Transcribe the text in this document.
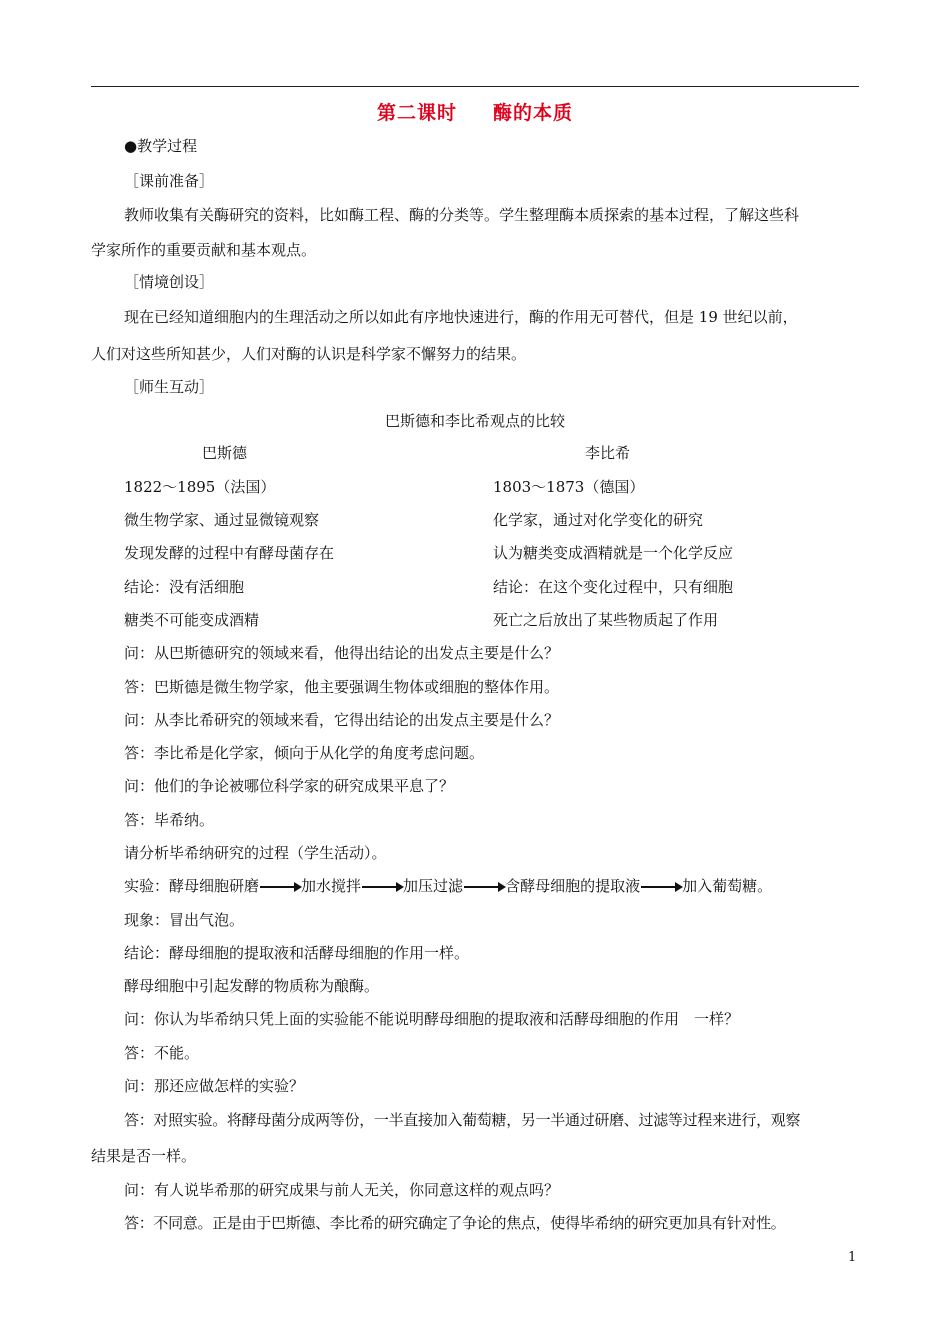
第二课时 酶的本质
●教学过程
［课前准备］
教师收集有关酶研究的资料，比如酶工程、酶的分类等。学生整理酶本质探索的基本过程，了解这些科
学家所作的重要贡献和基本观点。
［情境创设］
现在已经知道细胞内的生理活动之所以如此有序地快速进行，酶的作用无可替代，但是 19 世纪以前，
人们对这些所知甚少，人们对酶的认识是科学家不懈努力的结果。
［师生互动］
巴斯德和李比希观点的比较
巴斯德	李比希
1822～1895（法国）	1803～1873（德国）
微生物学家、通过显微镜观察	化学家，通过对化学变化的研究
发现发酵的过程中有酵母菌存在	认为糖类变成酒精就是一个化学反应
结论：没有活细胞	结论：在这个变化过程中，只有细胞
糖类不可能变成酒精	死亡之后放出了某些物质起了作用
问：从巴斯德研究的领域来看，他得出结论的出发点主要是什么？
答：巴斯德是微生物学家，他主要强调生物体或细胞的整体作用。
问：从李比希研究的领域来看，它得出结论的出发点主要是什么？
答：李比希是化学家，倾向于从化学的角度考虑问题。
问：他们的争论被哪位科学家的研究成果平息了？
答：毕希纳。
请分析毕希纳研究的过程（学生活动）。
实验：酵母细胞研磨	加水搅拌	加压过滤	含酵母细胞的提取液	加入葡萄糖。
现象：冒出气泡。
结论：酵母细胞的提取液和活酵母细胞的作用一样。
酵母细胞中引起发酵的物质称为酿酶。
问：你认为毕希纳只凭上面的实验能不能说明酵母细胞的提取液和活酵母细胞的作用　一样？
答：不能。
问：那还应做怎样的实验？
答：对照实验。将酵母菌分成两等份，一半直接加入葡萄糖，另一半通过研磨、过滤等过程来进行，观察
结果是否一样。
问：有人说毕希那的研究成果与前人无关，你同意这样的观点吗？
答：不同意。正是由于巴斯德、李比希的研究确定了争论的焦点，使得毕希纳的研究更加具有针对性。
1
